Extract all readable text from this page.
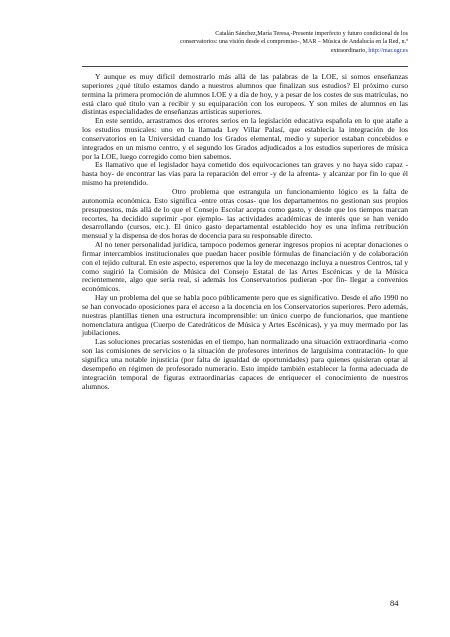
Catalán Sánchez,María Teresa,-Presente imperfecto y futuro condicional de los
conservatorios: una visión desde el compromiso-, MAR – Música de Andalucía en la Red, n.º
extraordinario, http://mar.ugr.es

Y aunque es muy difícil demostrarlo más allá de las palabras de la LOE, si somos enseñanzas superiores ¿qué título estamos dando a nuestros alumnos que finalizan sus estudios? El próximo curso termina la primera promoción de alumnos LOE y a día de hoy, y a pesar de los costes de sus matrículas, no está claro qué título van a recibir y su equiparación con los europeos. Y son miles de alumnos en las distintas especialidades de enseñanzas artísticas superiores.

En este sentido, arrastramos dos errores serios en la legislación educativa española en lo que atañe a los estudios musicales: uno en la llamada Ley Villar Palasí, que establecía la integración de los conservatorios en la Universidad cuando los Grados elemental, medio y superior estaban concebidos e integrados en un mismo centro, y el segundo los Grados adjudicados a los estudios superiores de música por la LOE, luego corregido como bien sabemos.

Es llamativo que el legislador haya cometido dos equivocaciones tan graves y no haya sido capaz -hasta hoy- de encontrar las vías para la reparación del error -y de la afrenta- y alcanzar por fin lo que él mismo ha pretendido.

Otro problema que estrangula un funcionamiento lógico es la falta de autonomía económica. Esto significa -entre otras cosas- que los departamentos no gestionan sus propios presupuestos, más allá de lo que el Consejo Escolar acepta como gasto, y desde que los tiempos marcan recortes, ha decidido suprimir -por ejemplo- las actividades académicas de interés que se han venido desarrollando (cursos, etc.). El único gasto departamental establecido hoy es una ínfima retribución mensual y la dispensa de dos horas de docencia para su responsable directo.

Al no tener personalidad jurídica, tampoco podemos generar ingresos propios ni aceptar donaciones o firmar intercambios institucionales que puedan hacer posible fórmulas de financiación y de colaboración con el tejido cultural. En este aspecto, esperemos que la ley de mecenazgo incluya a nuestros Centros, tal y como sugirió la Comisión de Música del Consejo Estatal de las Artes Escénicas y de la Música recientemente, algo que sería real, si además los Conservatorios pudieran -por fin- llegar a convenios económicos.

Hay un problema del que se habla poco públicamente pero que es significativo. Desde el año 1990 no se han convocado oposiciones para el acceso a la docencia en los Conservatorios superiores. Pero además, nuestras plantillas tienen una estructura incomprensible: un único cuerpo de funcionarios, que mantiene nomenclatura antigua (Cuerpo de Catedráticos de Música y Artes Escénicas), y ya muy mermado por las jubilaciones.

Las soluciones precarias sostenidas en el tiempo, han normalizado una situación extraordinaria -como son las comisiones de servicios o la situación de profesores interinos de larguísima contratación- lo que significa una notable injusticia (por falta de igualdad de oportunidades) para quienes quisieran optar al desempeño en régimen de profesorado numerario. Esto impide también establecer la forma adecuada de integración temporal de figuras extraordinarias capaces de enriquecer el conocimiento de nuestros alumnos.

84
